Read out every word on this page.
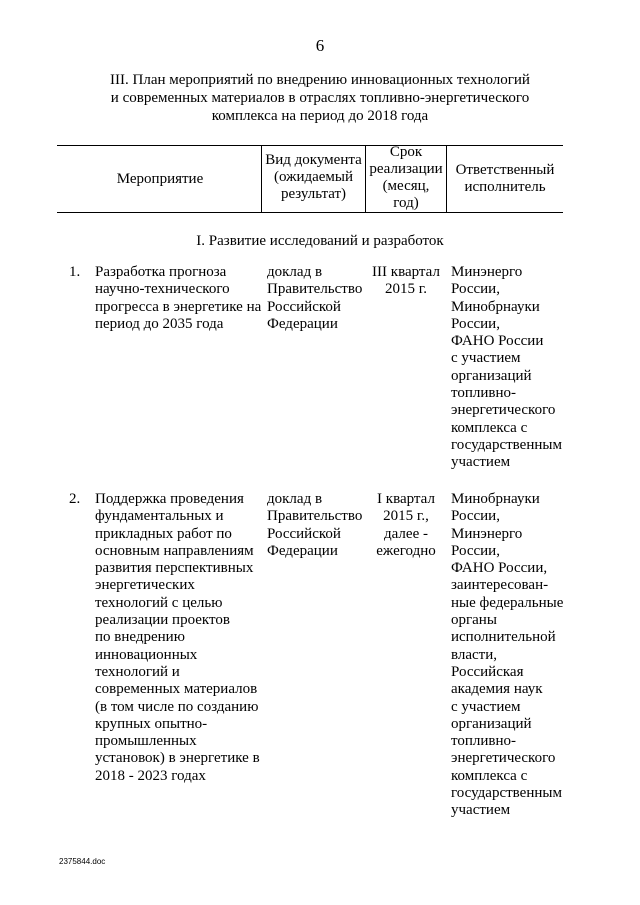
6
III. План мероприятий по внедрению инновационных технологий
и современных материалов в отраслях топливно-энергетического
комплекса на период до 2018 года
Мероприятие
Вид документа
(ожидаемый
результат)
Срок
реализации
(месяц,
год)
Ответственный
исполнитель
I. Развитие исследований и разработок
1. Разработка прогноза
научно-технического
прогресса в энергетике на
период до 2035 года
доклад в
Правительство
Российской
Федерации
III квартал
2015 г.
Минэнерго
России,
Минобрнауки
России,
ФАНО России
с участием
организаций
топливно-
энергетического
комплекса с
государственным
участием
2. Поддержка проведения
фундаментальных и
прикладных работ по
основным направлениям
развития перспективных
энергетических
технологий с целью
реализации проектов
по внедрению
инновационных
технологий и
современных материалов
(в том числе по созданию
крупных опытно-
промышленных
установок) в энергетике в
2018 - 2023 годах
доклад в
Правительство
Российской
Федерации
I квартал
2015 г.,
далее -
ежегодно
Минобрнауки
России,
Минэнерго
России,
ФАНО России,
заинтересован-
ные федеральные
органы
исполнительной
власти,
Российская
академия наук
с участием
организаций
топливно-
энергетического
комплекса с
государственным
участием
2375844.doc
